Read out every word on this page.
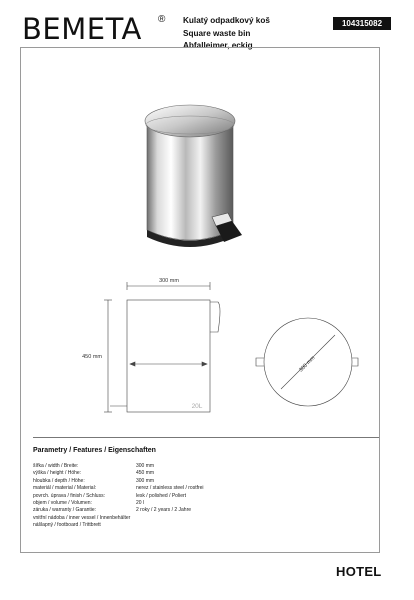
BEMETA ® Kulatý odpadkový koš
Square waste bin
Abfalleimer, eckig
104315082
300 mm
450 mm	300 mm
20L
Parametry / Features / Eigenschaften
šířka / width / Breite:	300 mm
výška / height / Höhe:	450 mm
hloubka / depth / Höhe:	300 mm
materiál / material / Material:	nerez / stainless steel / rostfrei
povrch. úprava / finish / Schluss:	lesk / polished / Poliert
objem / volume / Volumen:	20 l
záruka / warranty / Garantie:	2 roky / 2 years / 2 Jahre
vnitřní nádoba / inner vessel / Innenbehälter
nášlapný / footboard / Trittbrett
HOTEL
